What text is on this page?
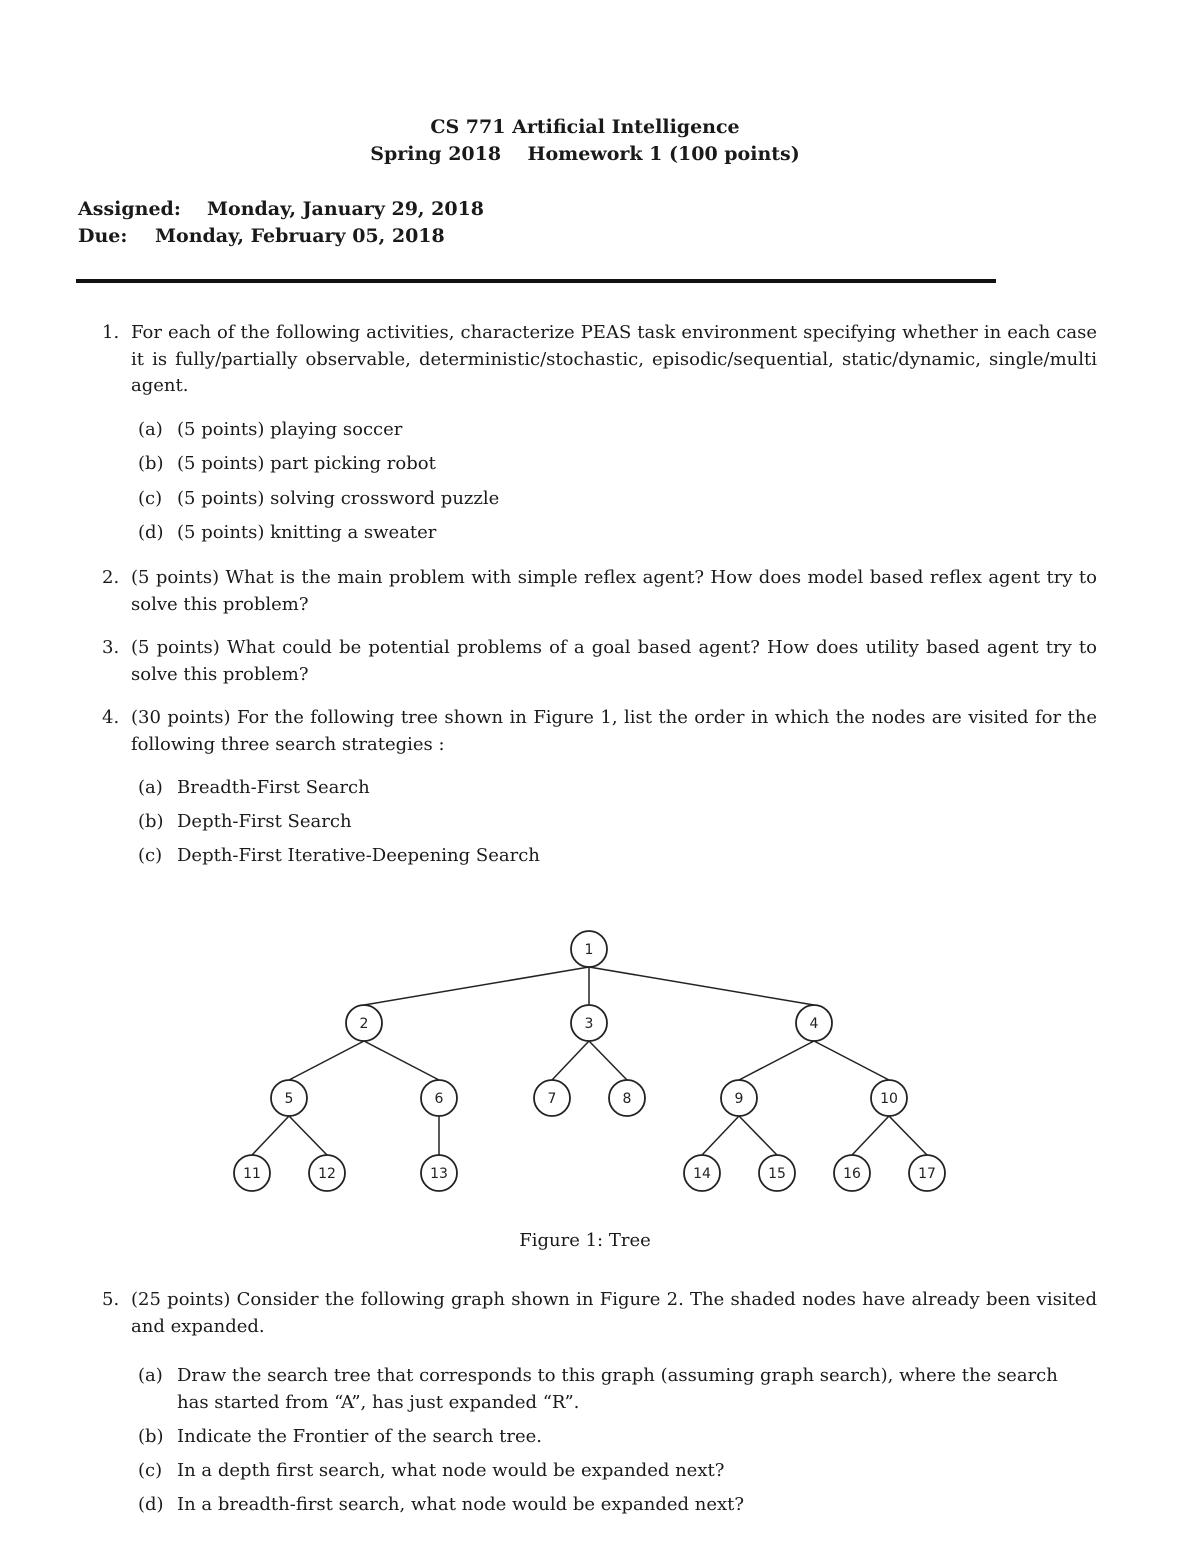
CS 771 Artificial Intelligence
Spring 2018    Homework 1 (100 points)
Assigned: Monday, January 29, 2018
Due: Monday, February 05, 2018
1. For each of the following activities, characterize PEAS task environment specifying whether in each case it is fully/partially observable, deterministic/stochastic, episodic/sequential, static/dynamic, single/multi agent.
(a) (5 points) playing soccer
(b) (5 points) part picking robot
(c) (5 points) solving crossword puzzle
(d) (5 points) knitting a sweater
2. (5 points) What is the main problem with simple reflex agent? How does model based reflex agent try to solve this problem?
3. (5 points) What could be potential problems of a goal based agent? How does utility based agent try to solve this problem?
4. (30 points) For the following tree shown in Figure 1, list the order in which the nodes are visited for the following three search strategies :
(a) Breadth-First Search
(b) Depth-First Search
(c) Depth-First Iterative-Deepening Search
1
2	3	4
5	6	7	8	9	10
11	12	13	14	15	16	17
Figure 1: Tree
5. (25 points) Consider the following graph shown in Figure 2. The shaded nodes have already been visited and expanded.
(a) Draw the search tree that corresponds to this graph (assuming graph search), where the search has started from “A”, has just expanded “R”.
(b) Indicate the Frontier of the search tree.
(c) In a depth first search, what node would be expanded next?
(d) In a breadth-first search, what node would be expanded next?
